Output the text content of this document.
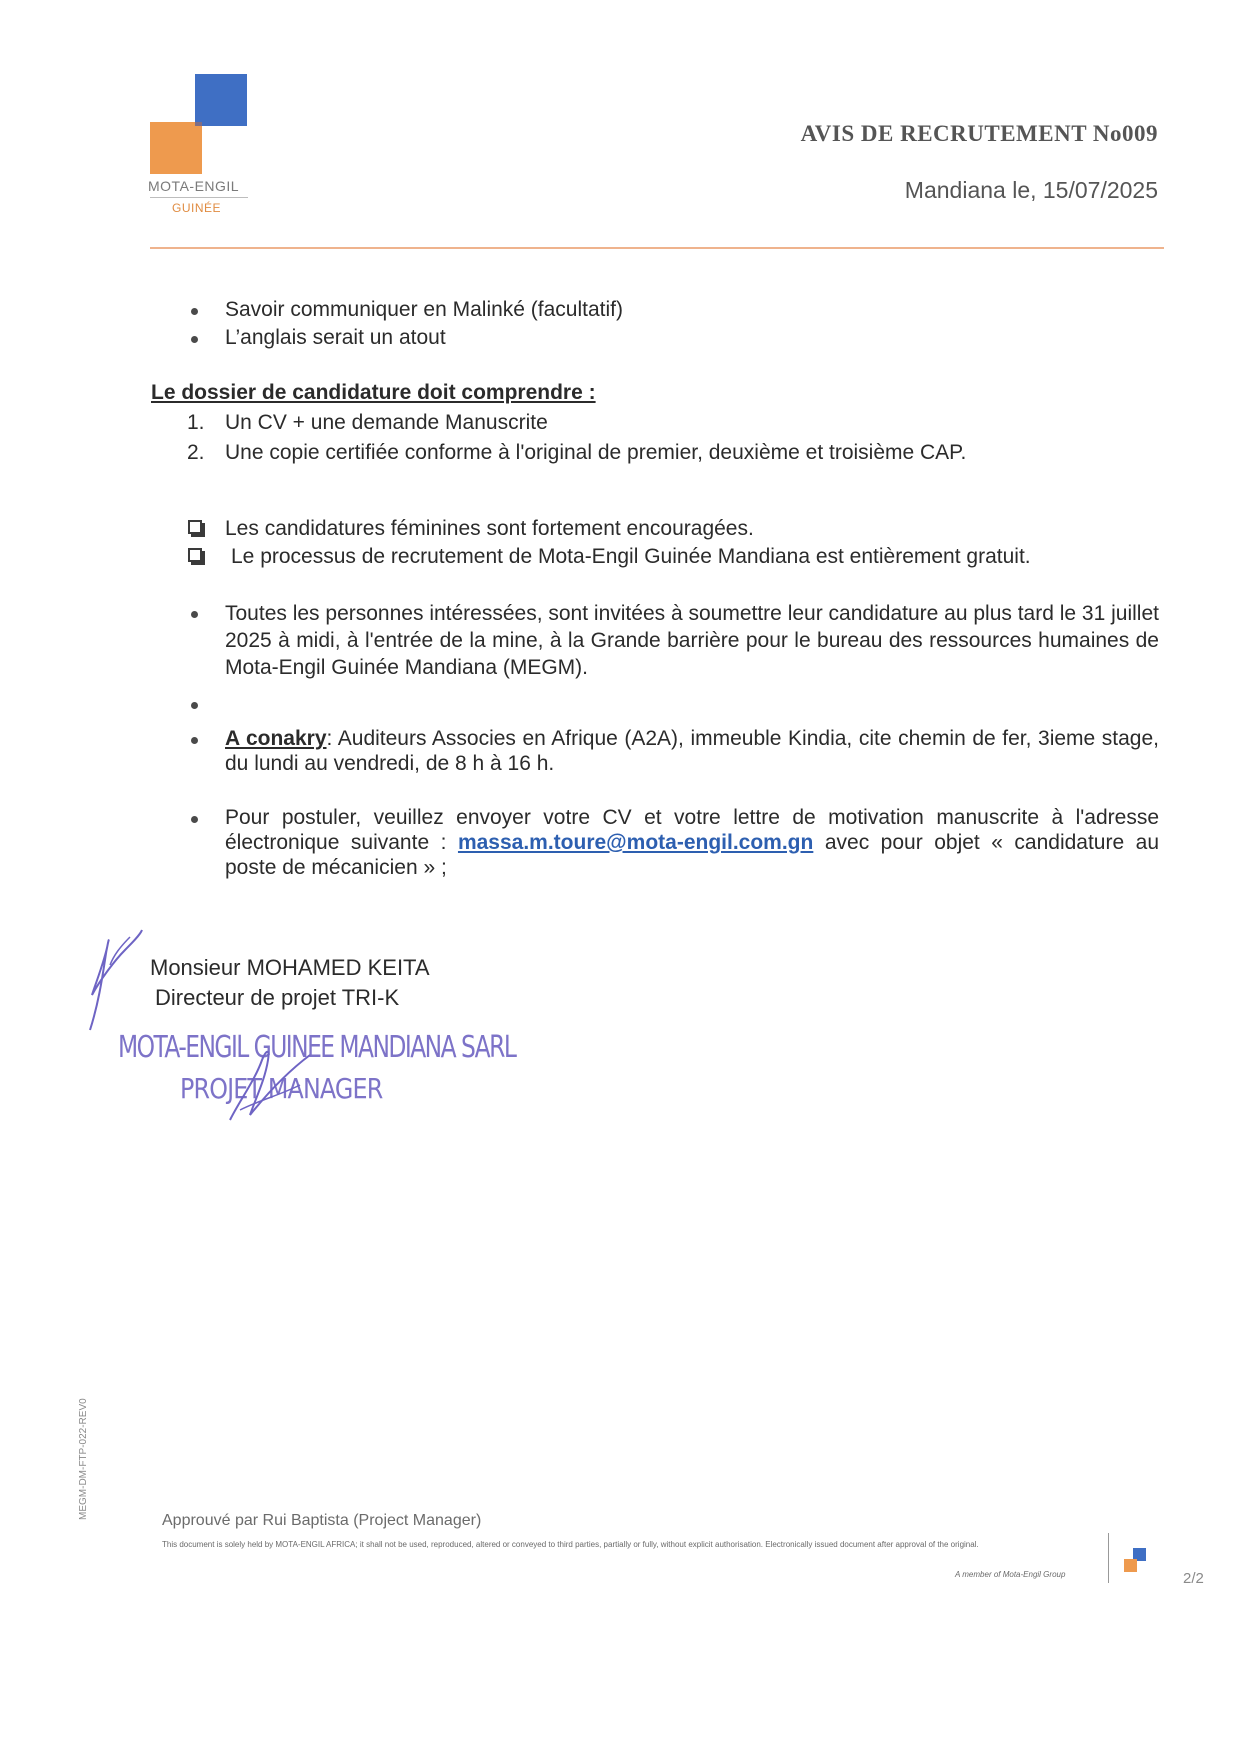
MOTA-ENGIL
GUINÉE
AVIS DE RECRUTEMENT No009
Mandiana le, 15/07/2025
Savoir communiquer en Malinké (facultatif)
L’anglais serait un atout
Le dossier de candidature doit comprendre :
1. Un CV + une demande Manuscrite
2. Une copie certifiée conforme à l'original de premier, deuxième et troisième CAP.
Les candidatures féminines sont fortement encouragées.
Le processus de recrutement de Mota-Engil Guinée Mandiana est entièrement gratuit.
Toutes les personnes intéressées, sont invitées à soumettre leur candidature au plus tard le 31 juillet 2025 à midi, à l'entrée de la mine, à la Grande barrière pour le bureau des ressources humaines de Mota-Engil Guinée Mandiana (MEGM).
A conakry: Auditeurs Associes en Afrique (A2A), immeuble Kindia, cite chemin de fer, 3ieme stage, du lundi au vendredi, de 8 h à 16 h.
Pour postuler, veuillez envoyer votre CV et votre lettre de motivation manuscrite à l'adresse électronique suivante : massa.m.toure@mota-engil.com.gn avec pour objet « candidature au poste de mécanicien » ;
Monsieur MOHAMED KEITA
Directeur de projet TRI-K
MOTA-ENGIL GUINEE MANDIANA SARL
PROJET MANAGER
MEGM-DM-FTP-022-REV0
Approuvé par Rui Baptista (Project Manager)
This document is solely held by MOTA-ENGIL AFRICA; it shall not be used, reproduced, altered or conveyed to third parties, partially or fully, without explicit authorisation. Electronically issued document after approval of the original.
A member of Mota-Engil Group	2/2
